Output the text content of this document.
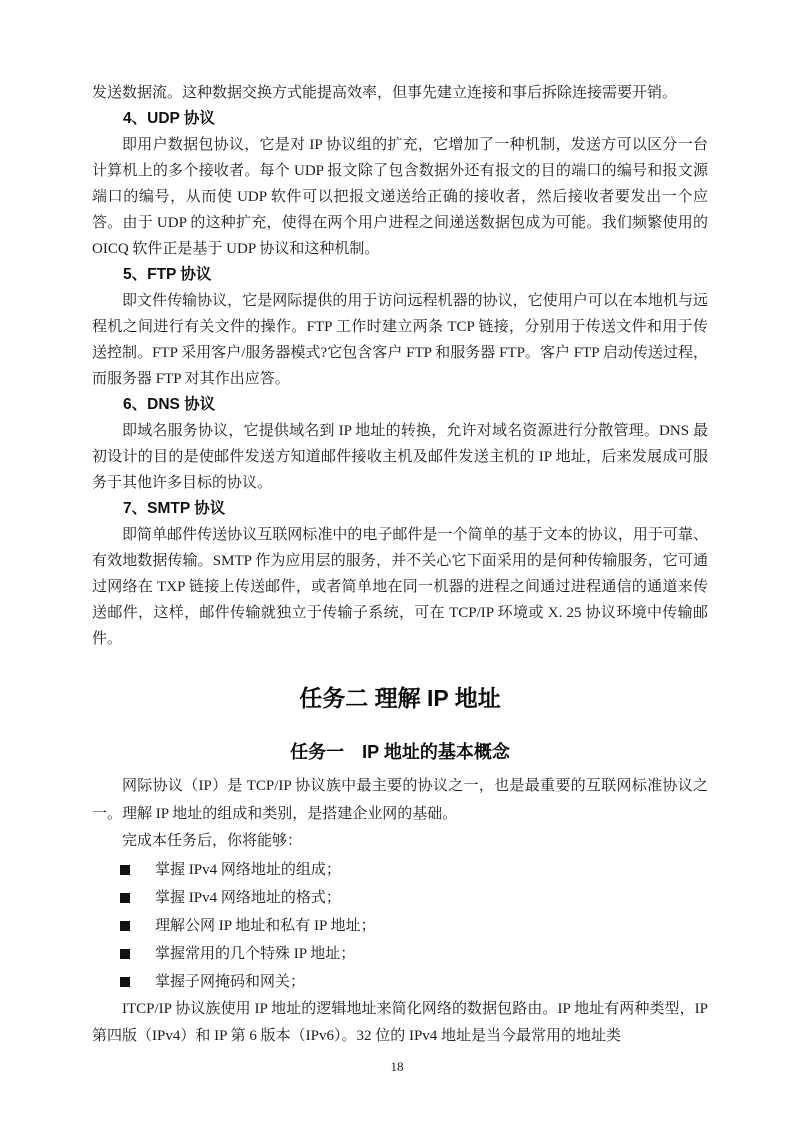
发送数据流。这种数据交换方式能提高效率，但事先建立连接和事后拆除连接需要开销。

4、UDP 协议

即用户数据包协议，它是对 IP 协议组的扩充，它增加了一种机制，发送方可以区分一台计算机上的多个接收者。每个 UDP 报文除了包含数据外还有报文的目的端口的编号和报文源端口的编号，从而使 UDP 软件可以把报文递送给正确的接收者，然后接收者要发出一个应答。由于 UDP 的这种扩充，使得在两个用户进程之间递送数据包成为可能。我们频繁使用的 OICQ 软件正是基于 UDP 协议和这种机制。

5、FTP 协议

即文件传输协议，它是网际提供的用于访问远程机器的协议，它使用户可以在本地机与远程机之间进行有关文件的操作。FTP 工作时建立两条 TCP 链接，分别用于传送文件和用于传送控制。FTP 采用客户/服务器模式?它包含客户 FTP 和服务器 FTP。客户 FTP 启动传送过程，而服务器 FTP 对其作出应答。

6、DNS 协议

即域名服务协议，它提供域名到 IP 地址的转换，允许对域名资源进行分散管理。DNS 最初设计的目的是使邮件发送方知道邮件接收主机及邮件发送主机的 IP 地址，后来发展成可服务于其他许多目标的协议。

7、SMTP 协议

即简单邮件传送协议互联网标准中的电子邮件是一个简单的基于文本的协议，用于可靠、有效地数据传输。SMTP 作为应用层的服务，并不关心它下面采用的是何种传输服务，它可通过网络在 TXP 链接上传送邮件，或者简单地在同一机器的进程之间通过进程通信的通道来传送邮件，这样，邮件传输就独立于传输子系统，可在 TCP/IP 环境或 X. 25 协议环境中传输邮件。

任务二 理解 IP 地址
任务一　IP 地址的基本概念

网际协议（IP）是 TCP/IP 协议族中最主要的协议之一，也是最重要的互联网标准协议之一。理解 IP 地址的组成和类别，是搭建企业网的基础。

完成本任务后，你将能够：

掌握 IPv4 网络地址的组成；
掌握 IPv4 网络地址的格式；
理解公网 IP 地址和私有 IP 地址；
掌握常用的几个特殊 IP 地址；
掌握子网掩码和网关；

ITCP/IP 协议族使用 IP 地址的逻辑地址来简化网络的数据包路由。IP 地址有两种类型，IP 第四版（IPv4）和 IP 第 6 版本（IPv6）。32 位的 IPv4 地址是当今最常用的地址类

18
